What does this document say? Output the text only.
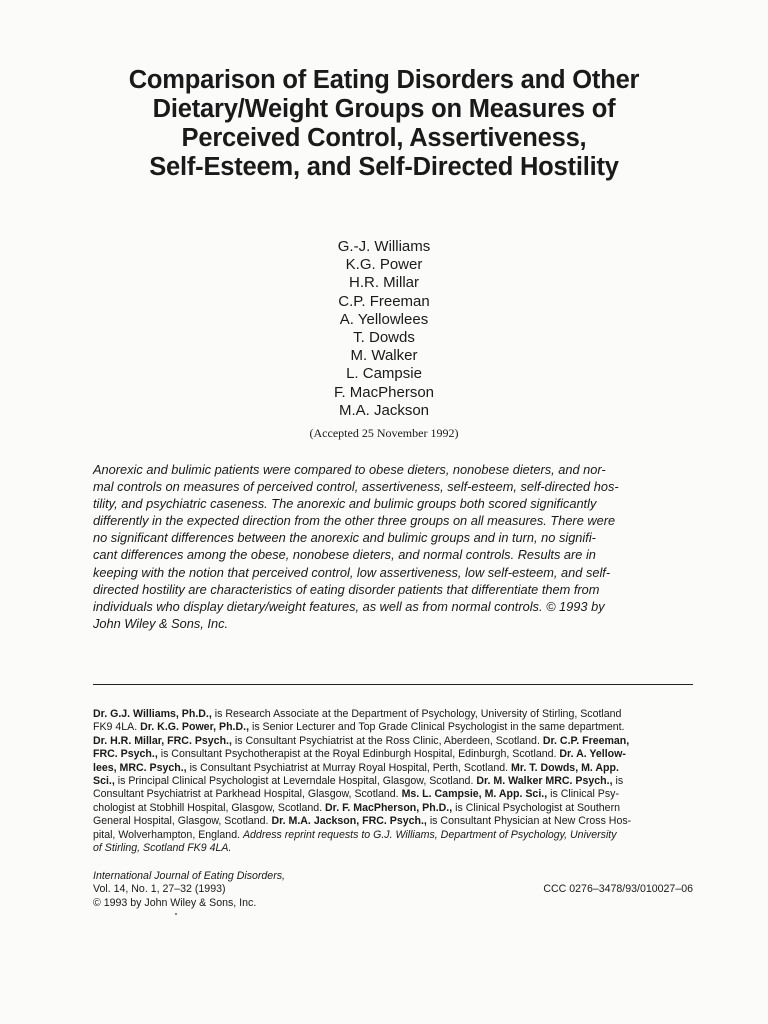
Comparison of Eating Disorders and Other
Dietary/Weight Groups on Measures of
Perceived Control, Assertiveness,
Self-Esteem, and Self-Directed Hostility
G.-J. Williams
K.G. Power
H.R. Millar
C.P. Freeman
A. Yellowlees
T. Dowds
M. Walker
L. Campsie
F. MacPherson
M.A. Jackson
(Accepted 25 November 1992)
Anorexic and bulimic patients were compared to obese dieters, nonobese dieters, and nor-
mal controls on measures of perceived control, assertiveness, self-esteem, self-directed hos-
tility, and psychiatric caseness. The anorexic and bulimic groups both scored significantly
differently in the expected direction from the other three groups on all measures. There were
no significant differences between the anorexic and bulimic groups and in turn, no signifi-
cant differences among the obese, nonobese dieters, and normal controls. Results are in
keeping with the notion that perceived control, low assertiveness, low self-esteem, and self-
directed hostility are characteristics of eating disorder patients that differentiate them from
individuals who display dietary/weight features, as well as from normal controls. © 1993 by
John Wiley & Sons, Inc.
Dr. G.J. Williams, Ph.D., is Research Associate at the Department of Psychology, University of Stirling, Scotland
FK9 4LA. Dr. K.G. Power, Ph.D., is Senior Lecturer and Top Grade Clinical Psychologist in the same department.
Dr. H.R. Millar, FRC. Psych., is Consultant Psychiatrist at the Ross Clinic, Aberdeen, Scotland. Dr. C.P. Freeman,
FRC. Psych., is Consultant Psychotherapist at the Royal Edinburgh Hospital, Edinburgh, Scotland. Dr. A. Yellow-
lees, MRC. Psych., is Consultant Psychiatrist at Murray Royal Hospital, Perth, Scotland. Mr. T. Dowds, M. App.
Sci., is Principal Clinical Psychologist at Leverndale Hospital, Glasgow, Scotland. Dr. M. Walker MRC. Psych., is
Consultant Psychiatrist at Parkhead Hospital, Glasgow, Scotland. Ms. L. Campsie, M. App. Sci., is Clinical Psy-
chologist at Stobhill Hospital, Glasgow, Scotland. Dr. F. MacPherson, Ph.D., is Clinical Psychologist at Southern
General Hospital, Glasgow, Scotland. Dr. M.A. Jackson, FRC. Psych., is Consultant Physician at New Cross Hos-
pital, Wolverhampton, England. Address reprint requests to G.J. Williams, Department of Psychology, University
of Stirling, Scotland FK9 4LA.
International Journal of Eating Disorders,
Vol. 14, No. 1, 27–32 (1993)
© 1993 by John Wiley & Sons, Inc.
CCC 0276–3478/93/010027–06
